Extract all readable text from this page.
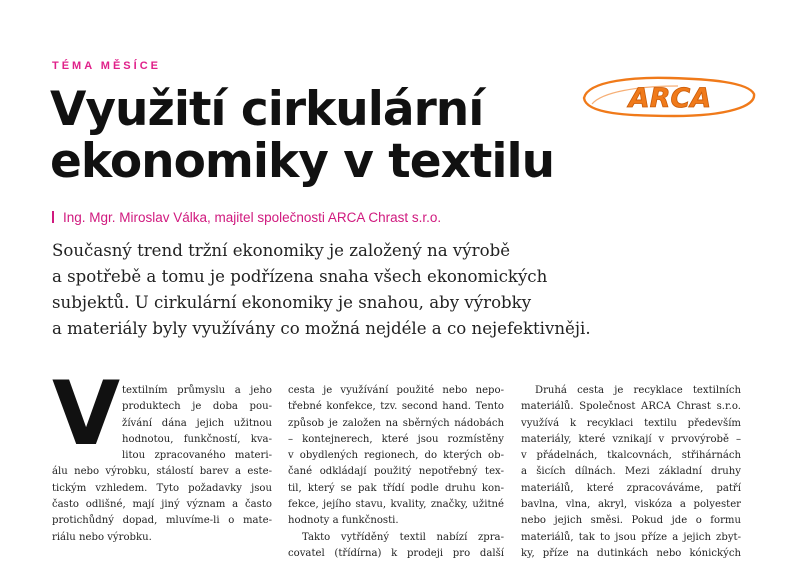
TÉMA MĚSÍCE
Využití cirkulární
ekonomiky v textilu
ARCA
Ing. Mgr. Miroslav Válka, majitel společnosti ARCA Chrast s.r.o.
Současný trend tržní ekonomiky je založený na výrobě
a spotřebě a tomu je podřízena snaha všech ekonomických
subjektů. U cirkulární ekonomiky je snahou, aby výrobky
a materiály byly využívány co možná nejdéle a co nejefektivněji.
V textilním průmyslu a jeho
produktech je doba pou-
žívání dána jejich užitnou
hodnotou, funkčností, kva-
litou zpracovaného materi-
álu nebo výrobku, stálostí barev a este-
tickým vzhledem. Tyto požadavky jsou
často odlišné, mají jiný význam a často
protichůdný dopad, mluvíme-li o mate-
riálu nebo výrobku.
cesta je využívání použité nebo nepo-
třebné konfekce, tzv. second hand. Tento
způsob je založen na sběrných nádobách
– kontejnerech, které jsou rozmístěny
v obydlených regionech, do kterých ob-
čané odkládají použitý nepotřebný tex-
til, který se pak třídí podle druhu kon-
fekce, jejího stavu, kvality, značky, užitné
hodnoty a funkčnosti.
Takto vytříděný textil nabízí zpra-
covatel (třídírna) k prodeji pro další
Druhá cesta je recyklace textilních
materiálů. Společnost ARCA Chrast s.r.o.
využívá k recyklaci textilu především
materiály, které vznikají v prvovýrobě –
v přádelnách, tkalcovnách, střihárnách
a šicích dílnách. Mezi základní druhy
materiálů, které zpracováváme, patří
bavlna, vlna, akryl, viskóza a polyester
nebo jejich směsi. Pokud jde o formu
materiálů, tak to jsou příze a jejich zbyt-
ky, příze na dutinkách nebo kónických
